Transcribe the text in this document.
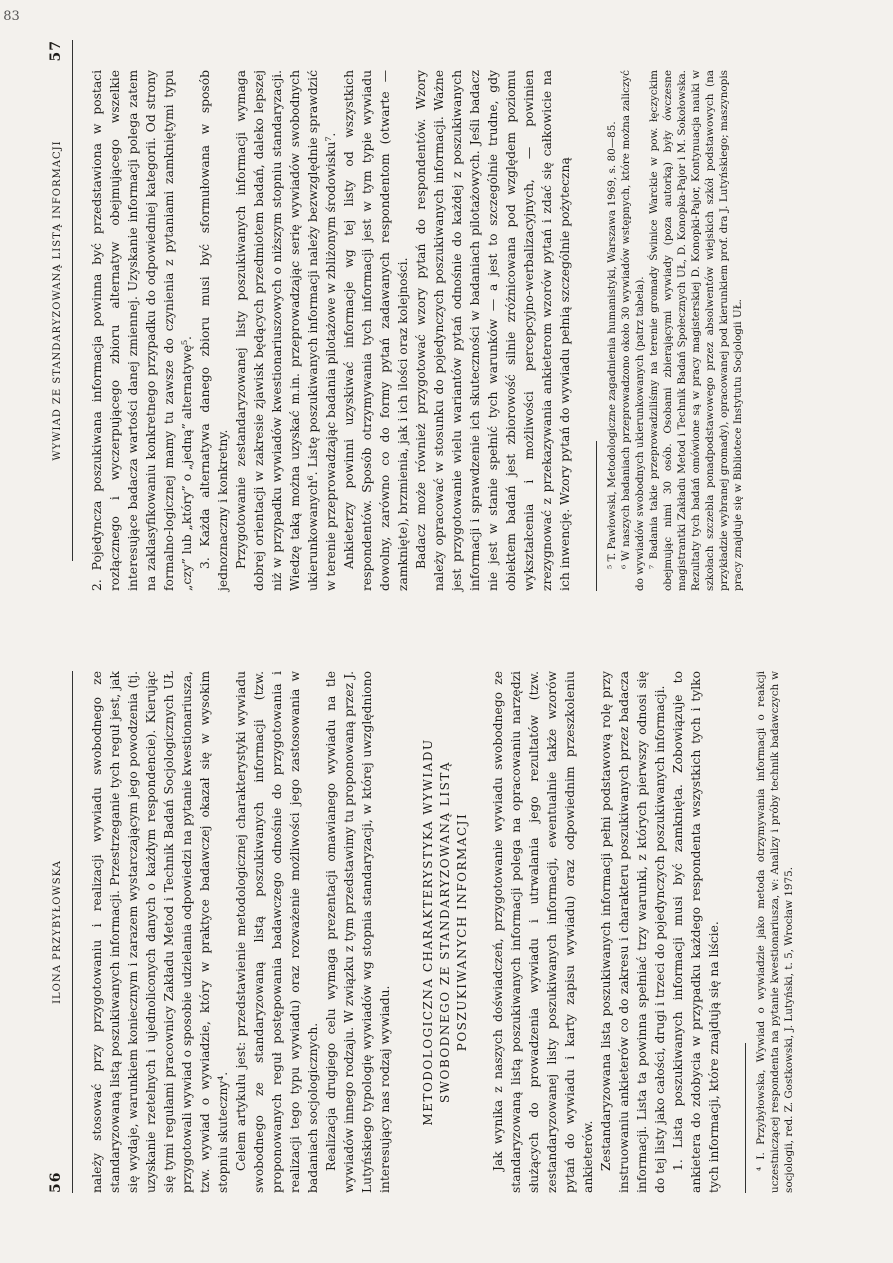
56
ILONA PRZYBYŁOWSKA należy stosować przy przygotowaniu i realizacji wywiadu swobodnego ze standaryzowaną listą poszukiwanych informacji. Przestrzeganie tych reguł jest, jak się wydaje, warunkiem koniecznym i zarazem wystarczającym jego powodzenia (tj. uzyskanie rzetelnych i ujednoliconych danych o każdym respondencie). Kierując się tymi regułami pracownicy Zakładu Metod i Technik Badań Socjologicznych UŁ przygotowali wywiad o sposobie udzielania odpowiedzi na pytanie kwestionariusza, tzw. wywiad o wywiadzie, który w praktyce badawczej okazał się w wysokim stopniu skuteczny⁴. Celem artykułu jest: przedstawienie metodologicznej charakterystyki wywiadu swobodnego ze standaryzowaną listą poszukiwanych informacji (tzw. proponowanych reguł postępowania badawczego odnośnie do przygotowania i realizacji tego typu wywiadu) oraz rozważenie możliwości jego zastosowania w badaniach socjologicznych. Realizacja drugiego celu wymaga prezentacji omawianego wywiadu na tle wywiadów innego rodzaju. W związku z tym przedstawimy tu proponowaną przez J. Lutyńskiego typologię wywiadów wg stopnia standaryzacji, w której uwzględniono interesujący nas rodzaj wywiadu. METODOLOGICZNA CHARAKTERYSTYKA WYWIADU SWOBODNEGO ZE STANDARYZOWANĄ LISTĄ POSZUKIWANYCH INFORMACJI Jak wynika z naszych doświadczeń, przygotowanie wywiadu swobodnego ze standaryzowaną listą poszukiwanych informacji polega na opracowaniu narzędzi służących do prowadzenia wywiadu i utrwalania jego rezultatów (tzw. zestandaryzowanej listy poszukiwanych informacji, ewentualnie także wzorów pytań do wywiadu i karty zapisu wywiadu) oraz odpowiednim przeszkoleniu ankieterów. Zestandaryzowana lista poszukiwanych informacji pełni podstawową rolę przy instruowaniu ankieterów co do zakresu i charakteru poszukiwanych przez badacza informacji. Lista ta powinna spełniać trzy warunki, z których pierwszy odnosi się do tej listy jako całości, drugi i trzeci do pojedynczych poszukiwanych informacji. 1. Lista poszukiwanych informacji musi być zamknięta. Zobowiązuje to ankietera do zdobycia w przypadku każdego respondenta wszystkich tych i tylko tych informacji, które znajdują się na liście.	⁴ I. Przybyłowska, Wywiad o wywiadzie jako metoda otrzymywania informacji o reakcji uczestniczącej respondenta na pytanie kwestionariusza, w: Analizy i próby technik badawczych w socjologii, red. Z. Gostkowski, J. Lutyński, t. 5, Wrocław 1975.

WYWIAD ZE STANDARYZOWANĄ LISTĄ INFORMACJI
57

2. Pojedyncza poszukiwana informacja powinna być przedstawiona w postaci rozłącznego i wyczerpującego zbioru alternatyw obejmującego wszelkie interesujące badacza wartości danej zmiennej. Uzyskanie informacji polega zatem na zaklasyfikowaniu konkretnego przypadku do odpowiedniej kategorii. Od strony formalno-logicznej mamy tu zawsze do czynienia z pytaniami zamkniętymi typu „czy” lub „który” o „jedną” alternatywę⁵. 3. Każda alternatywa danego zbioru musi być sformułowana w sposób jednoznaczny i konkretny. Przygotowanie zestandaryzowanej listy poszukiwanych informacji wymaga dobrej orientacji w zakresie zjawisk będących przedmiotem badań, daleko lepszej niż w przypadku wywiadów kwestionariuszowych o niższym stopniu standaryzacji. Wiedzę taką można uzyskać m.in. przeprowadzając serię wywiadów swobodnych ukierunkowanych⁶. Listę poszukiwanych informacji należy bezwzględnie sprawdzić w terenie przeprowadzając badania pilotażowe w zbliżonym środowisku⁷. Ankieterzy powinni uzyskiwać informacje wg tej listy od wszystkich respondentów. Sposób otrzymywania tych informacji jest w tym typie wywiadu dowolny, zarówno co do formy pytań zadawanych respondentom (otwarte — zamknięte), brzmienia, jak i ich ilości oraz kolejności. Badacz może również przygotować wzory pytań do respondentów. Wzory należy opracować w stosunku do pojedynczych poszukiwanych informacji. Ważne jest przygotowanie wielu wariantów pytań odnośnie do każdej z poszukiwanych informacji i sprawdzenie ich skuteczności w badaniach pilotażowych. Jeśli badacz nie jest w stanie spełnić tych warunków — a jest to szczególnie trudne, gdy obiektem badań jest zbiorowość silnie zróżnicowana pod względem poziomu wykształcenia i możliwości percepcyjno-werbalizacyjnych, — powinien zrezygnować z przekazywania ankieterom wzorów pytań i zdać się całkowicie na ich inwencję. Wzory pytań do wywiadu pełnią szczególnie pożyteczną	⁵ T. Pawłowski, Metodologiczne zagadnienia humanistyki, Warszawa 1969, s. 80—85. ⁶ W naszych badaniach przeprowadzono około 30 wywiadów wstępnych, które można zaliczyć do wywiadów swobodnych ukierunkowanych (patrz tabela). ⁷ Badania takie przeprowadziliśmy na terenie gromady Świnice Warckie w pow. łęczyckim obejmując nimi 30 osób. Osobami zbierającymi wywiady (poza autorką) były ówczesne magistrantki Zakładu Metod i Technik Badań Społecznych UŁ, D. Konopka-Pajor i M. Sokołowska. Rezultaty tych badań omówione są w pracy magisterskiej D. Konopki-Pajor, Kontynuacja nauki w szkołach szczebla ponadpodstawowego przez absolwentów wiejskich szkół podstawowych (na przykładzie wybranej gromady), opracowanej pod kierunkiem prof. dra J. Lutyńskiego; maszynopis pracy znajduje się w Bibliotece Instytutu Socjologii UŁ.

83
